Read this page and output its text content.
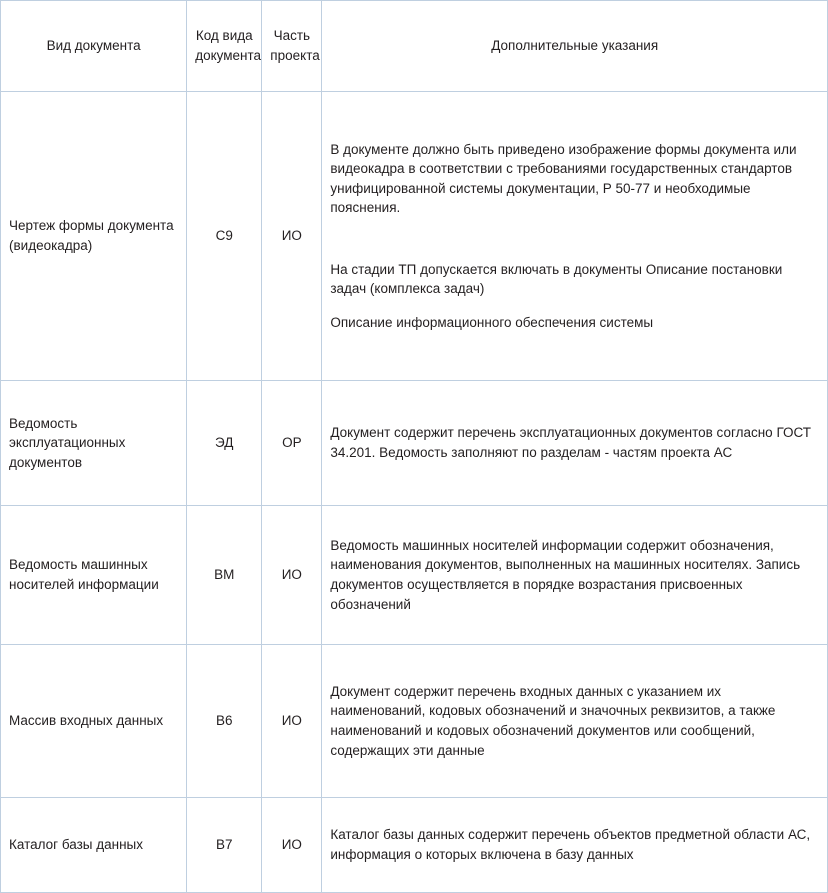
Вид документа	Код вида документа	Часть проекта	Дополнительные указания
Чертеж формы документа (видеокадра)	С9	ИО	В документе должно быть приведено изображение формы документа или видеокадра в соответствии с требованиями государственных стандартов унифицированной системы документации, Р 50-77 и необходимые пояснения.

На стадии ТП допускается включать в документы Описание постановки задач (комплекса задач)

Описание информационного обеспечения системы

Ведомость эксплуатационных документов	ЭД	ОР	Документ содержит перечень эксплуатационных документов согласно ГОСТ 34.201. Ведомость заполняют по разделам - частям проекта АС

Ведомость машинных носителей информации	ВМ	ИО	Ведомость машинных носителей информации содержит обозначения, наименования документов, выполненных на машинных носителях. Запись документов осуществляется в порядке возрастания присвоенных обозначений

Массив входных данных	В6	ИО	Документ содержит перечень входных данных с указанием их наименований, кодовых обозначений и значочных реквизитов, а также наименований и кодовых обозначений документов или сообщений, содержащих эти данные

Каталог базы данных	В7	ИО	Каталог базы данных содержит перечень объектов предметной области АС, информация о которых включена в базу данных
